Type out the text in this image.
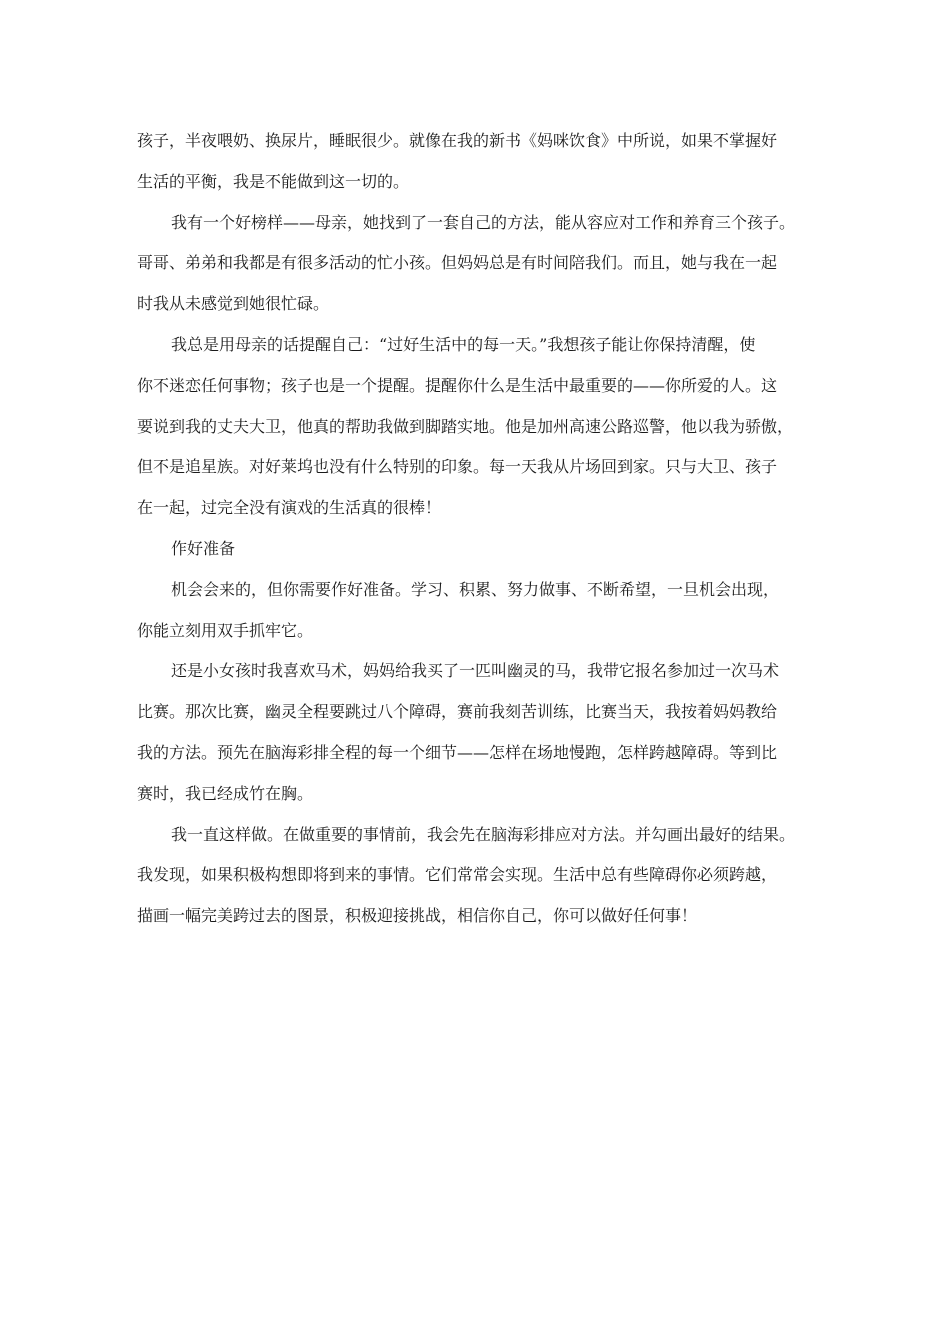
孩子，半夜喂奶、换尿片，睡眠很少。就像在我的新书《妈咪饮食》中所说，如果不掌握好
生活的平衡，我是不能做到这一切的。
我有一个好榜样——母亲，她找到了一套自己的方法，能从容应对工作和养育三个孩子。
哥哥、弟弟和我都是有很多活动的忙小孩。但妈妈总是有时间陪我们。而且，她与我在一起
时我从未感觉到她很忙碌。
我总是用母亲的话提醒自己：“过好生活中的每一天。”我想孩子能让你保持清醒，使
你不迷恋任何事物；孩子也是一个提醒。提醒你什么是生活中最重要的——你所爱的人。这
要说到我的丈夫大卫，他真的帮助我做到脚踏实地。他是加州高速公路巡警，他以我为骄傲，
但不是追星族。对好莱坞也没有什么特别的印象。每一天我从片场回到家。只与大卫、孩子
在一起，过完全没有演戏的生活真的很棒！
作好准备
机会会来的，但你需要作好准备。学习、积累、努力做事、不断希望，一旦机会出现，
你能立刻用双手抓牢它。
还是小女孩时我喜欢马术，妈妈给我买了一匹叫幽灵的马，我带它报名参加过一次马术
比赛。那次比赛，幽灵全程要跳过八个障碍，赛前我刻苦训练，比赛当天，我按着妈妈教给
我的方法。预先在脑海彩排全程的每一个细节——怎样在场地慢跑，怎样跨越障碍。等到比
赛时，我已经成竹在胸。
我一直这样做。在做重要的事情前，我会先在脑海彩排应对方法。并勾画出最好的结果。
我发现，如果积极构想即将到来的事情。它们常常会实现。生活中总有些障碍你必须跨越，
描画一幅完美跨过去的图景，积极迎接挑战，相信你自己，你可以做好任何事！
